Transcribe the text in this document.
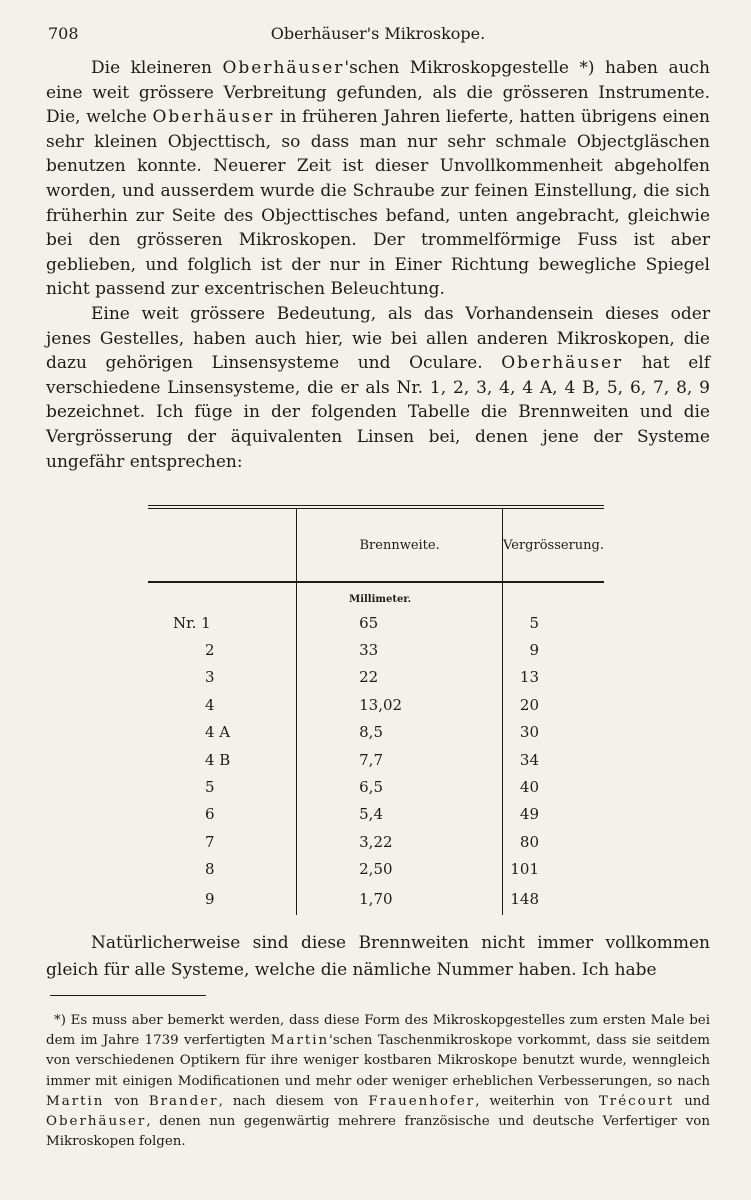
708	Oberhäuser's Mikroskope.

Die kleineren Oberhäuser'schen Mikroskopgestelle *) haben auch eine weit grössere Verbreitung gefunden, als die grösseren Instrumente. Die, welche Oberhäuser in früheren Jahren lieferte, hatten übrigens einen sehr kleinen Objecttisch, so dass man nur sehr schmale Objectgläschen benutzen konnte. Neuerer Zeit ist dieser Unvollkommenheit abgeholfen worden, und ausserdem wurde die Schraube zur feinen Einstellung, die sich früherhin zur Seite des Objecttisches befand, unten angebracht, gleichwie bei den grösseren Mikroskopen. Der trommelförmige Fuss ist aber geblieben, und folglich ist der nur in Einer Richtung bewegliche Spiegel nicht passend zur excentrischen Beleuchtung.

Eine weit grössere Bedeutung, als das Vorhandensein dieses oder jenes Gestelles, haben auch hier, wie bei allen anderen Mikroskopen, die dazu gehörigen Linsensysteme und Oculare. Oberhäuser hat elf verschiedene Linsensysteme, die er als Nr. 1, 2, 3, 4, 4 A, 4 B, 5, 6, 7, 8, 9 bezeichnet. Ich füge in der folgenden Tabelle die Brennweiten und die Vergrösserung der äquivalenten Linsen bei, denen jene der Systeme ungefähr entsprechen:

	Brennweite.	Vergrösserung.
	Millimeter.	
Nr. 1	65	5
2	33	9
3	22	13
4	13,02	20
4 A	8,5	30
4 B	7,7	34
5	6,5	40
6	5,4	49
7	3,22	80
8	2,50	101
9	1,70	148

Natürlicherweise sind diese Brennweiten nicht immer vollkommen gleich für alle Systeme, welche die nämliche Nummer haben. Ich habe

*) Es muss aber bemerkt werden, dass diese Form des Mikroskopgestelles zum ersten Male bei dem im Jahre 1739 verfertigten Martin'schen Taschenmikroskope vorkommt, dass sie seitdem von verschiedenen Optikern für ihre weniger kostbaren Mikroskope benutzt wurde, wenngleich immer mit einigen Modificationen und mehr oder weniger erheblichen Verbesserungen, so nach Martin von Brander, nach diesem von Frauenhofer, weiterhin von Trécourt und Oberhäuser, denen nun gegenwärtig mehrere französische und deutsche Verfertiger von Mikroskopen folgen.
